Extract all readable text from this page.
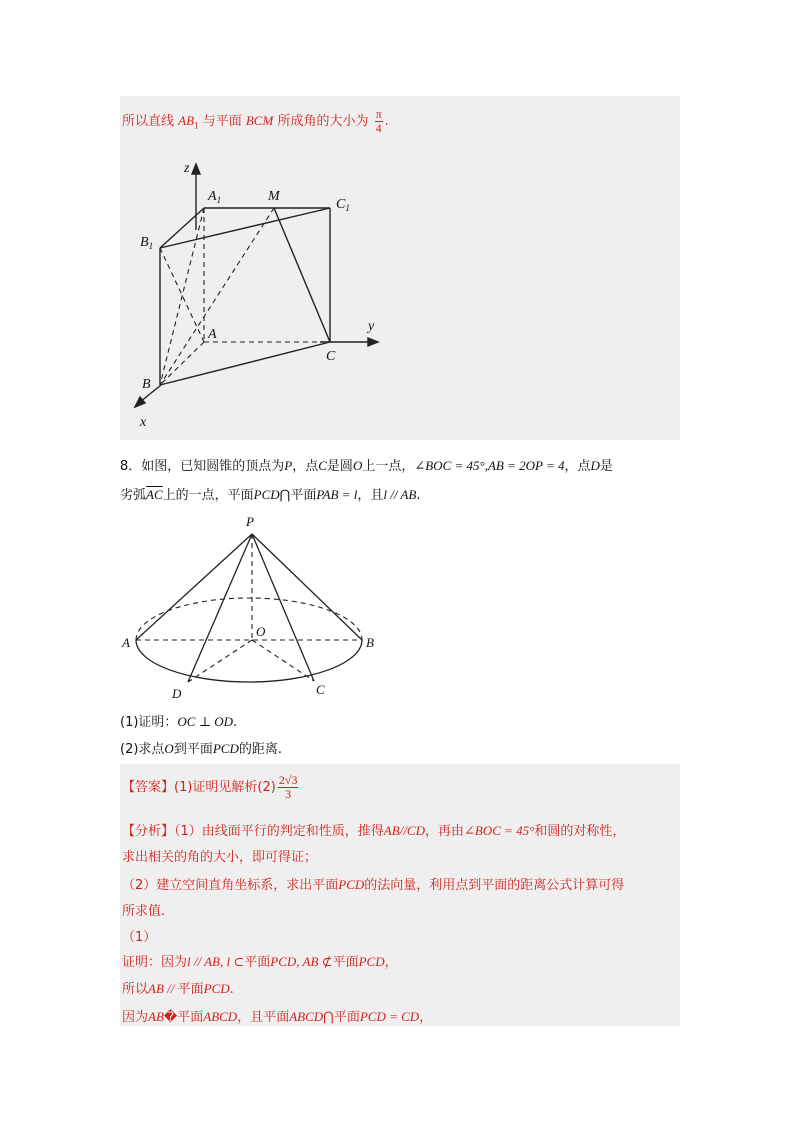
所以直线 $AB_1$ 与平面 BCM 所成角的大小为 $\frac{\pi}{4}$ .
z
$A_1$	M
$C_1$
$B_1$
A
y
C
B
x
8．如图，已知圆锥的顶点为P，点C是圆O上一点，∠BOC = 45°,AB = 2OP = 4，点D是
劣弧$\overline{AC}$上的一点，平面PCD⋂平面PAB = l，且l // AB.
P
O
A	B
D	C
(1)证明：OC ⊥ OD.
(2)求点O到平面PCD的距离.
【答案】(1)证明见解析$(2) \frac{2√3}{3}$
【分析】（1）由线面平行的判定和性质，推得AB//CD，再由∠BOC = 45°和圆的对称性，
求出相关的角的大小，即可得证；
（2）建立空间直角坐标系，求出平面PCD的法向量，利用点到平面的距离公式计算可得
所求值．
（1）
证明：因为l // AB, l ⊂平面PCD, AB ⊄平面PCD，
所以AB // 平面PCD.
因为AB�平面ABCD，且平面ABCD⋂平面PCD = CD，
